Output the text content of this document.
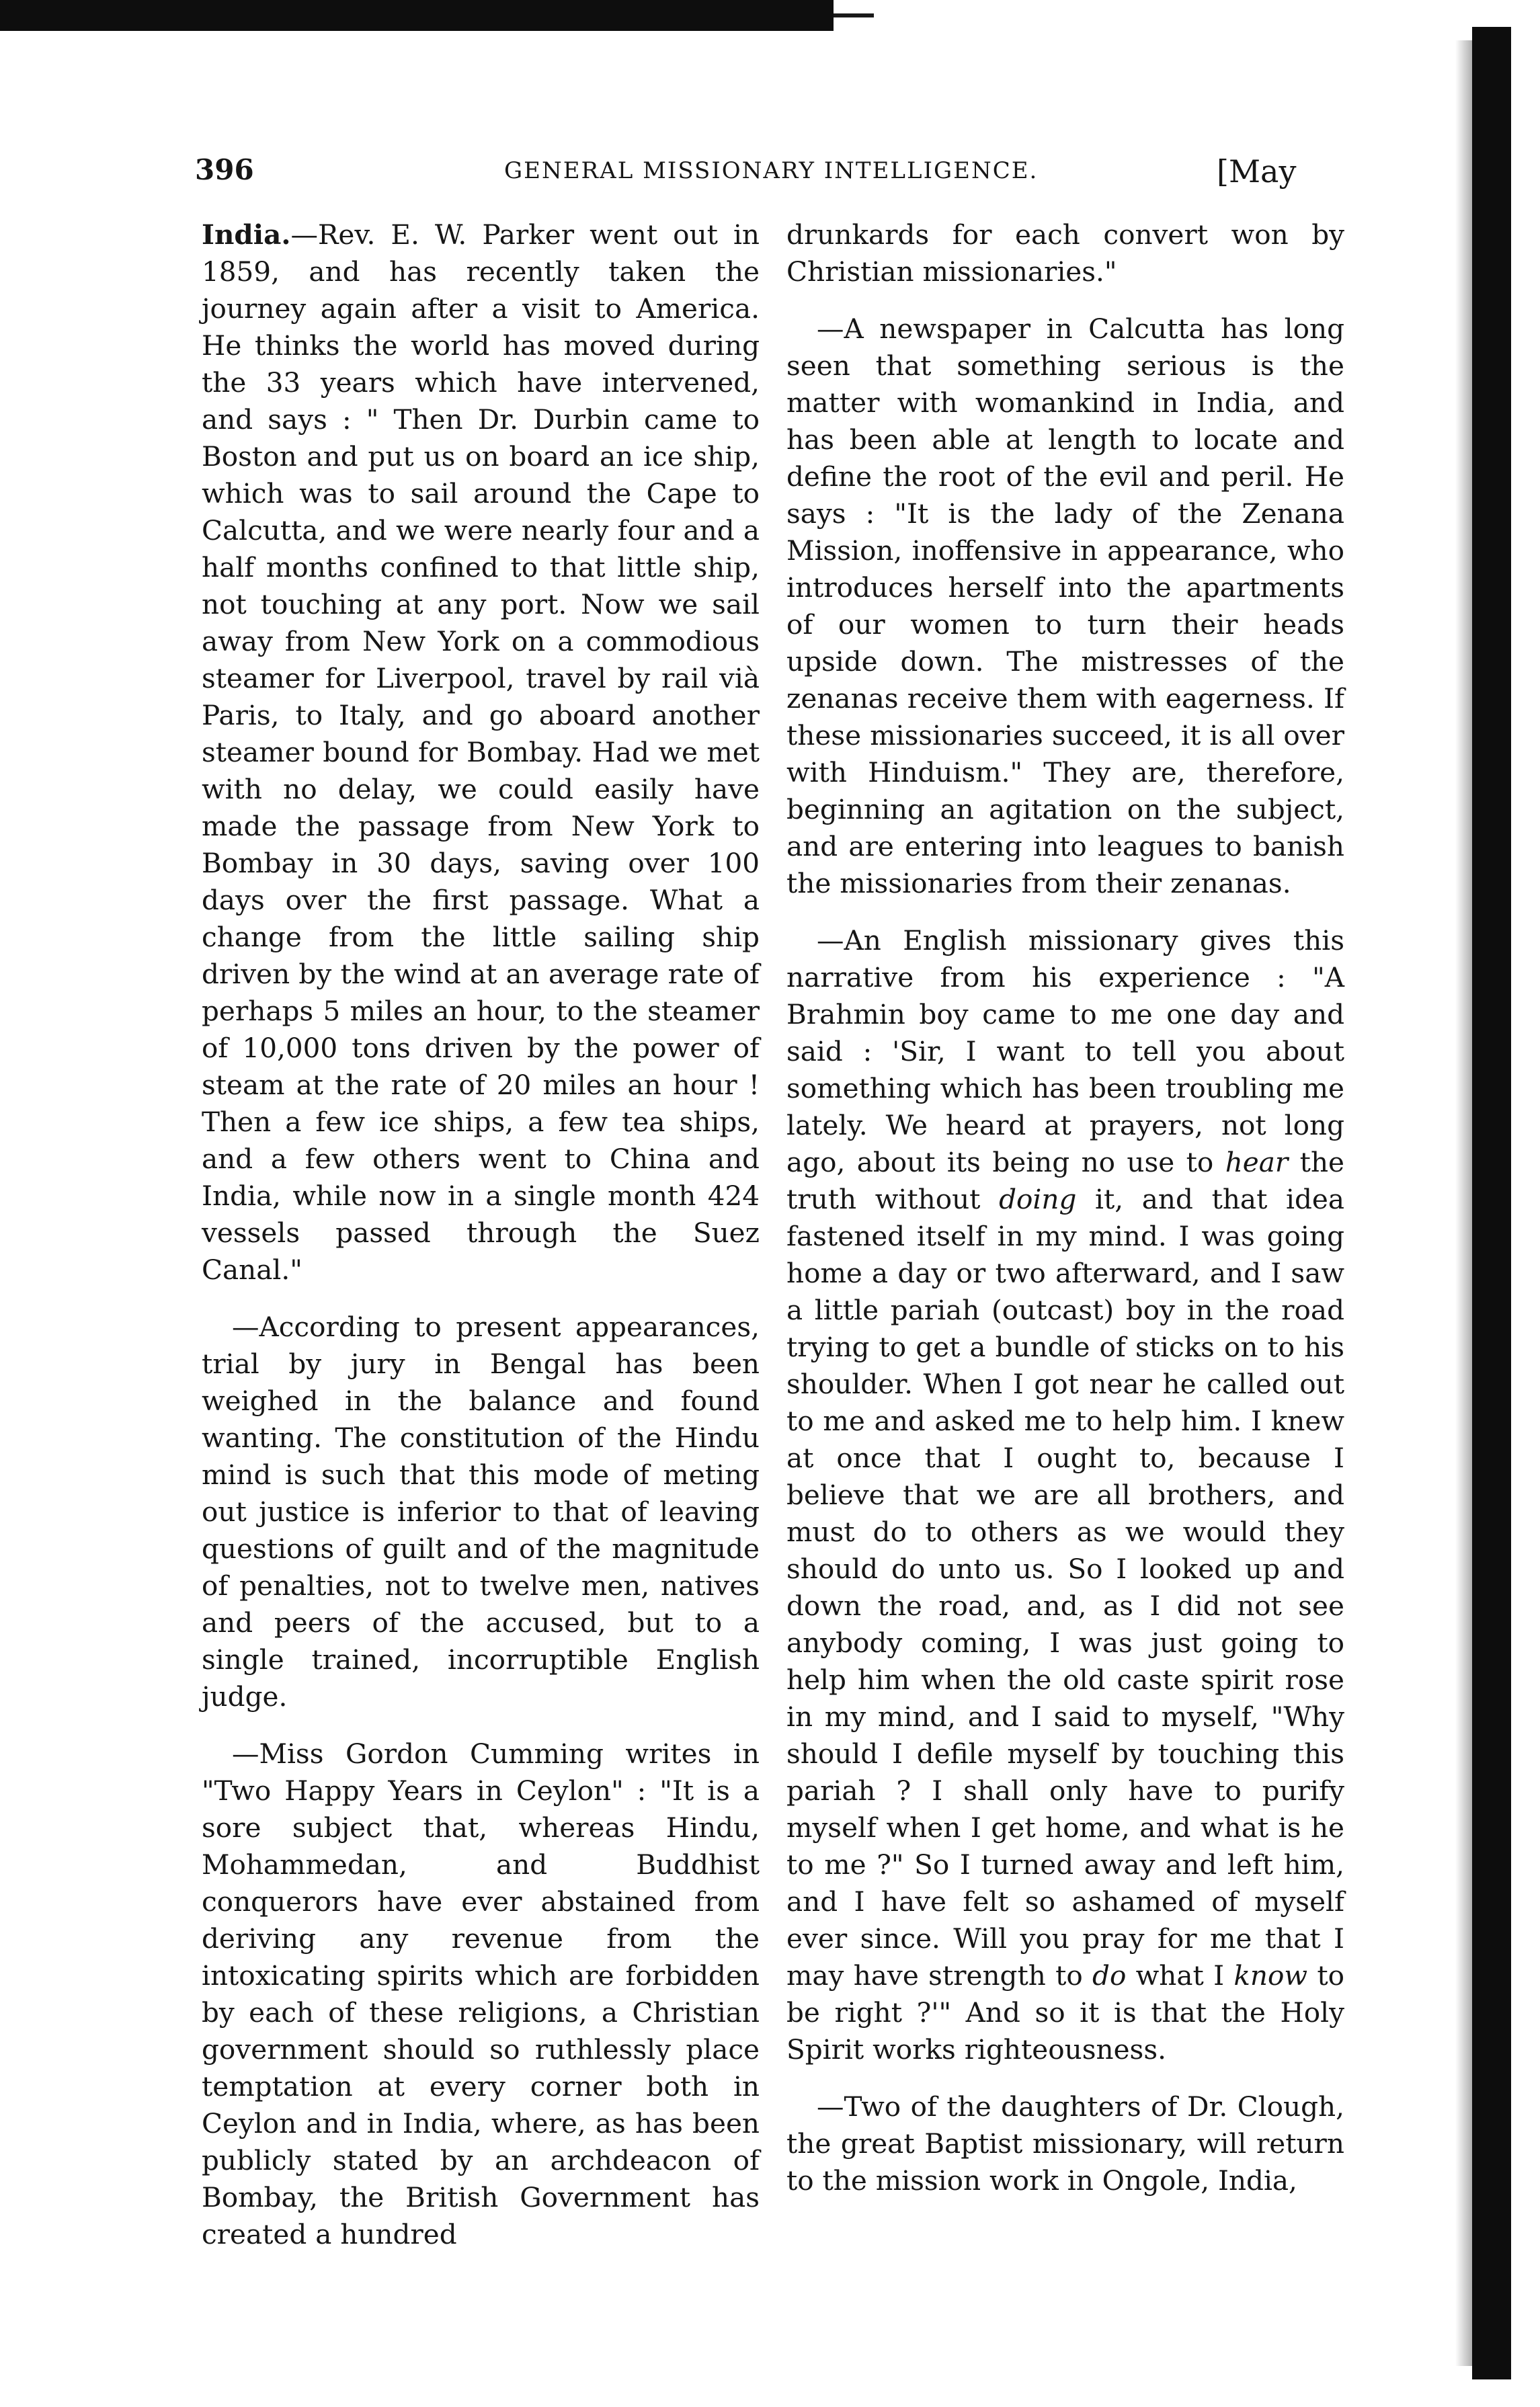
396	GENERAL MISSIONARY INTELLIGENCE.	[May

India.—Rev. E. W. Parker went out in 1859, and has recently taken the journey again after a visit to America. He thinks the world has moved during the 33 years which have intervened, and says : " Then Dr. Durbin came to Boston and put us on board an ice ship, which was to sail around the Cape to Calcutta, and we were nearly four and a half months confined to that little ship, not touching at any port. Now we sail away from New York on a commodious steamer for Liverpool, travel by rail vià Paris, to Italy, and go aboard another steamer bound for Bombay. Had we met with no delay, we could easily have made the passage from New York to Bombay in 30 days, saving over 100 days over the first passage. What a change from the little sailing ship driven by the wind at an average rate of perhaps 5 miles an hour, to the steamer of 10,000 tons driven by the power of steam at the rate of 20 miles an hour ! Then a few ice ships, a few tea ships, and a few others went to China and India, while now in a single month 424 vessels passed through the Suez Canal."

—According to present appearances, trial by jury in Bengal has been weighed in the balance and found wanting. The constitution of the Hindu mind is such that this mode of meting out justice is inferior to that of leaving questions of guilt and of the magnitude of penalties, not to twelve men, natives and peers of the accused, but to a single trained, incorruptible English judge.

—Miss Gordon Cumming writes in "Two Happy Years in Ceylon" : "It is a sore subject that, whereas Hindu, Mohammedan, and Buddhist conquerors have ever abstained from deriving any revenue from the intoxicating spirits which are forbidden by each of these religions, a Christian government should so ruthlessly place temptation at every corner both in Ceylon and in India, where, as has been publicly stated by an archdeacon of Bombay, the British Government has created a hundred

drunkards for each convert won by Christian missionaries."

—A newspaper in Calcutta has long seen that something serious is the matter with womankind in India, and has been able at length to locate and define the root of the evil and peril. He says : "It is the lady of the Zenana Mission, inoffensive in appearance, who introduces herself into the apartments of our women to turn their heads upside down. The mistresses of the zenanas receive them with eagerness. If these missionaries succeed, it is all over with Hinduism." They are, therefore, beginning an agitation on the subject, and are entering into leagues to banish the missionaries from their zenanas.

—An English missionary gives this narrative from his experience : "A Brahmin boy came to me one day and said : 'Sir, I want to tell you about something which has been troubling me lately. We heard at prayers, not long ago, about its being no use to hear the truth without doing it, and that idea fastened itself in my mind. I was going home a day or two afterward, and I saw a little pariah (outcast) boy in the road trying to get a bundle of sticks on to his shoulder. When I got near he called out to me and asked me to help him. I knew at once that I ought to, because I believe that we are all brothers, and must do to others as we would they should do unto us. So I looked up and down the road, and, as I did not see anybody coming, I was just going to help him when the old caste spirit rose in my mind, and I said to myself, "Why should I defile myself by touching this pariah ? I shall only have to purify myself when I get home, and what is he to me ?" So I turned away and left him, and I have felt so ashamed of myself ever since. Will you pray for me that I may have strength to do what I know to be right ?'" And so it is that the Holy Spirit works righteousness.

—Two of the daughters of Dr. Clough, the great Baptist missionary, will return to the mission work in Ongole, India,
